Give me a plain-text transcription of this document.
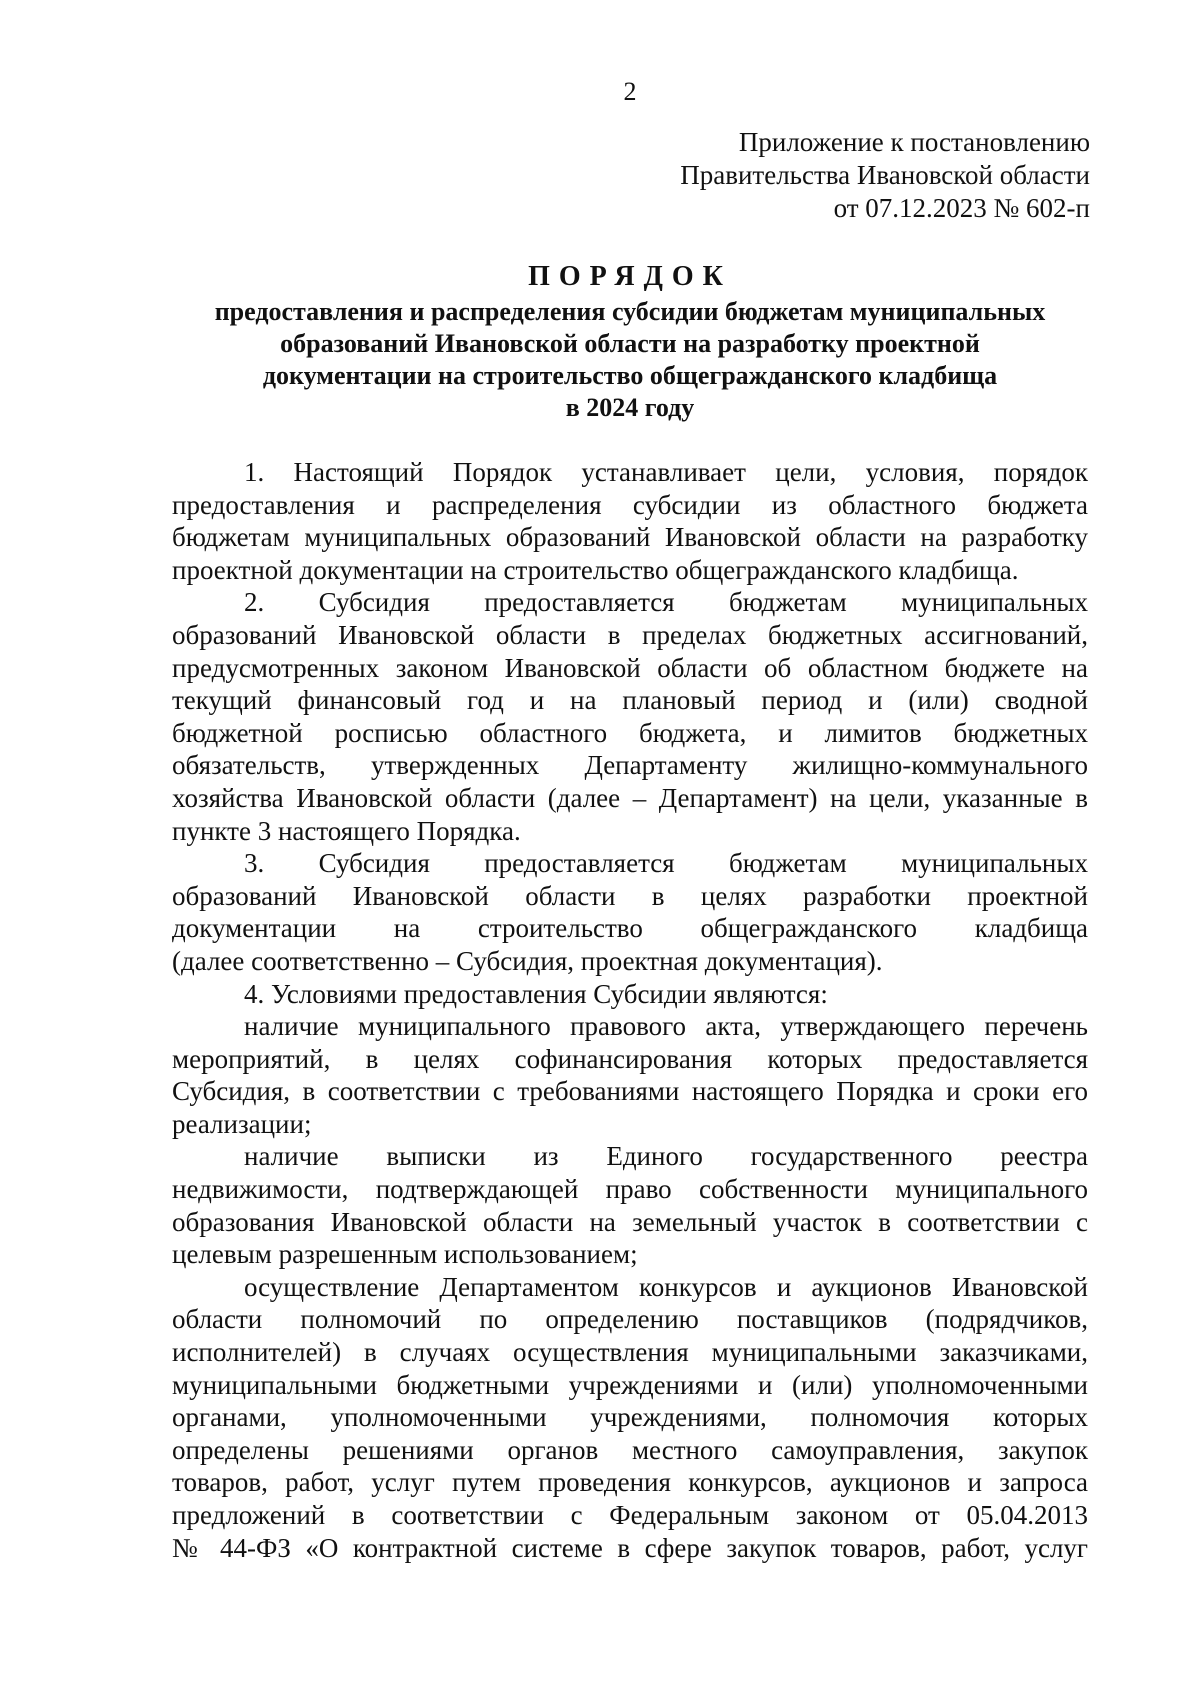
2
Приложение к постановлению
Правительства Ивановской области
от 07.12.2023 № 602-п
ПОРЯДОК
предоставления и распределения субсидии бюджетам муниципальных
образований Ивановской области на разработку проектной
документации на строительство общегражданского кладбища
в 2024 году
1. Настоящий Порядок устанавливает цели, условия, порядок
предоставления и распределения субсидии из областного бюджета
бюджетам муниципальных образований Ивановской области на разработку
проектной документации на строительство общегражданского кладбища.
2. Субсидия предоставляется бюджетам муниципальных
образований Ивановской области в пределах бюджетных ассигнований,
предусмотренных законом Ивановской области об областном бюджете на
текущий финансовый год и на плановый период и (или) сводной
бюджетной росписью областного бюджета, и лимитов бюджетных
обязательств, утвержденных Департаменту жилищно-коммунального
хозяйства Ивановской области (далее – Департамент) на цели, указанные в
пункте 3 настоящего Порядка.
3. Субсидия предоставляется бюджетам муниципальных
образований Ивановской области в целях разработки проектной
документации на строительство общегражданского кладбища
(далее соответственно – Субсидия, проектная документация).
4. Условиями предоставления Субсидии являются:
наличие муниципального правового акта, утверждающего перечень
мероприятий, в целях софинансирования которых предоставляется
Субсидия, в соответствии с требованиями настоящего Порядка и сроки его
реализации;
наличие выписки из Единого государственного реестра
недвижимости, подтверждающей право собственности муниципального
образования Ивановской области на земельный участок в соответствии с
целевым разрешенным использованием;
осуществление Департаментом конкурсов и аукционов Ивановской
области полномочий по определению поставщиков (подрядчиков,
исполнителей) в случаях осуществления муниципальными заказчиками,
муниципальными бюджетными учреждениями и (или) уполномоченными
органами, уполномоченными учреждениями, полномочия которых
определены решениями органов местного самоуправления, закупок
товаров, работ, услуг путем проведения конкурсов, аукционов и запроса
предложений в соответствии с Федеральным законом от 05.04.2013
№ 44-ФЗ «О контрактной системе в сфере закупок товаров, работ, услуг
